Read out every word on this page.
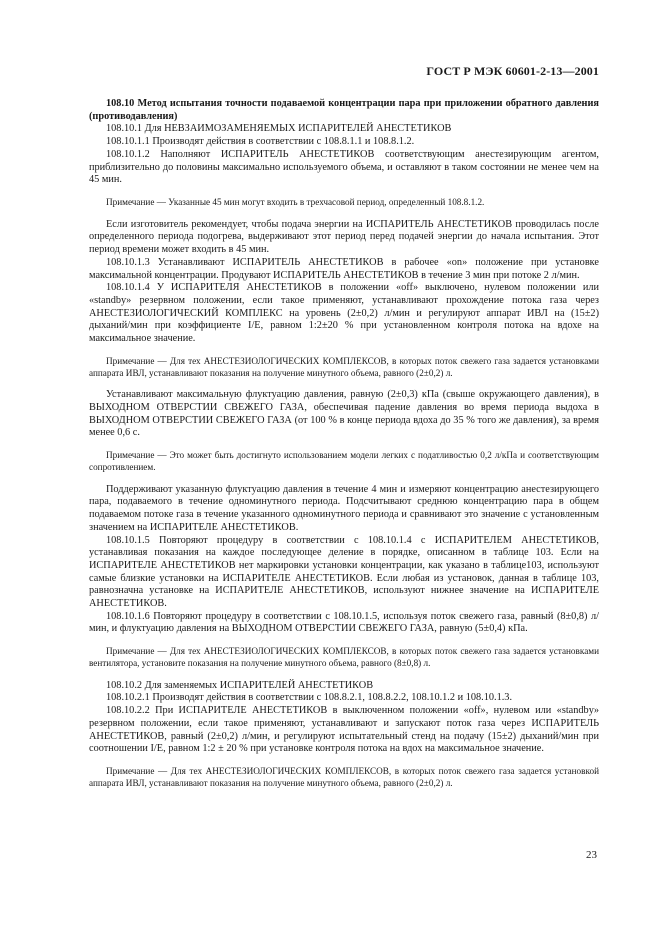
ГОСТ Р МЭК 60601-2-13—2001

108.10 Метод испытания точности подаваемой концентрации пара при приложении обратного давления (противодавления)

108.10.1 Для НЕВЗАИМОЗАМЕНЯЕМЫХ ИСПАРИТЕЛЕЙ АНЕСТЕТИКОВ

108.10.1.1 Производят действия в соответствии с 108.8.1.1 и 108.8.1.2.

108.10.1.2 Наполняют ИСПАРИТЕЛЬ АНЕСТЕТИКОВ соответствующим анестезирующим агентом, приблизительно до половины максимально используемого объема, и оставляют в таком состоянии не менее чем на 45 мин.

Примечание — Указанные 45 мин могут входить в трехчасовой период, определенный 108.8.1.2.

Если изготовитель рекомендует, чтобы подача энергии на ИСПАРИТЕЛЬ АНЕСТЕТИКОВ проводилась после определенного периода подогрева, выдерживают этот период перед подачей энергии до начала испытания. Этот период времени может входить в 45 мин.

108.10.1.3 Устанавливают ИСПАРИТЕЛЬ АНЕСТЕТИКОВ в рабочее «on» положение при установке максимальной концентрации. Продувают ИСПАРИТЕЛЬ АНЕСТЕТИКОВ в течение 3 мин при потоке 2 л/мин.

108.10.1.4 У ИСПАРИТЕЛЯ АНЕСТЕТИКОВ в положении «off» выключено, нулевом положении или «standby» резервном положении, если такое применяют, устанавливают прохождение потока газа через АНЕСТЕЗИОЛОГИЧЕСКИЙ КОМПЛЕКС на уровень (2±0,2) л/мин и регулируют аппарат ИВЛ на (15±2) дыханий/мин при коэффициенте I/E, равном 1:2±20 % при установленном контроля потока на вдохе на максимальное значение.

Примечание — Для тех АНЕСТЕЗИОЛОГИЧЕСКИХ КОМПЛЕКСОВ, в которых поток свежего газа задается установками аппарата ИВЛ, устанавливают показания на получение минутного объема, равного (2±0,2) л.

Устанавливают максимальную флуктуацию давления, равную (2±0,3) кПа (свыше окружающего давления), в ВЫХОДНОМ ОТВЕРСТИИ СВЕЖЕГО ГАЗА, обеспечивая падение давления во время периода выдоха в ВЫХОДНОМ ОТВЕРСТИИ СВЕЖЕГО ГАЗА (от 100 % в конце периода вдоха до 35 % того же давления), за время менее 0,6 с.

Примечание — Это может быть достигнуто использованием модели легких с податливостью 0,2 л/кПа и соответствующим сопротивлением.

Поддерживают указанную флуктуацию давления в течение 4 мин и измеряют концентрацию анестезирующего пара, подаваемого в течение одноминутного периода. Подсчитывают среднюю концентрацию пара в общем подаваемом потоке газа в течение указанного одноминутного периода и сравнивают это значение с установленным значением на ИСПАРИТЕЛЕ АНЕСТЕТИКОВ.

108.10.1.5 Повторяют процедуру в соответствии с 108.10.1.4 с ИСПАРИТЕЛЕМ АНЕСТЕТИКОВ, устанавливая показания на каждое последующее деление в порядке, описанном в таблице 103. Если на ИСПАРИТЕЛЕ АНЕСТЕТИКОВ нет маркировки установки концентрации, как указано в таблице103, используют самые близкие установки на ИСПАРИТЕЛЕ АНЕСТЕТИКОВ. Если любая из установок, данная в таблице 103, равнозначна установке на ИСПАРИТЕЛЕ АНЕСТЕТИКОВ, используют нижнее значение на ИСПАРИТЕЛЕ АНЕСТЕТИКОВ.

108.10.1.6 Повторяют процедуру в соответствии с 108.10.1.5, используя поток свежего газа, равный (8±0,8) л/мин, и флуктуацию давления на ВЫХОДНОМ ОТВЕРСТИИ СВЕЖЕГО ГАЗА, равную (5±0,4) кПа.

Примечание — Для тех АНЕСТЕЗИОЛОГИЧЕСКИХ КОМПЛЕКСОВ, в которых поток свежего газа задается установками вентилятора, установите показания на получение минутного объема, равного (8±0,8) л.

108.10.2 Для заменяемых ИСПАРИТЕЛЕЙ АНЕСТЕТИКОВ

108.10.2.1 Производят действия в соответствии с 108.8.2.1, 108.8.2.2, 108.10.1.2 и 108.10.1.3.

108.10.2.2 При ИСПАРИТЕЛЕ АНЕСТЕТИКОВ в выключенном положении «off», нулевом или «standby» резервном положении, если такое применяют, устанавливают и запускают поток газа через ИСПАРИТЕЛЬ АНЕСТЕТИКОВ, равный (2±0,2) л/мин, и регулируют испытательный стенд на подачу (15±2) дыханий/мин при соотношении I/E, равном 1:2 ± 20 % при установке контроля потока на вдох на максимальное значение.

Примечание — Для тех АНЕСТЕЗИОЛОГИЧЕСКИХ КОМПЛЕКСОВ, в которых поток свежего газа задается установкой аппарата ИВЛ, устанавливают показания на получение минутного объема, равного (2±0,2) л.

23
